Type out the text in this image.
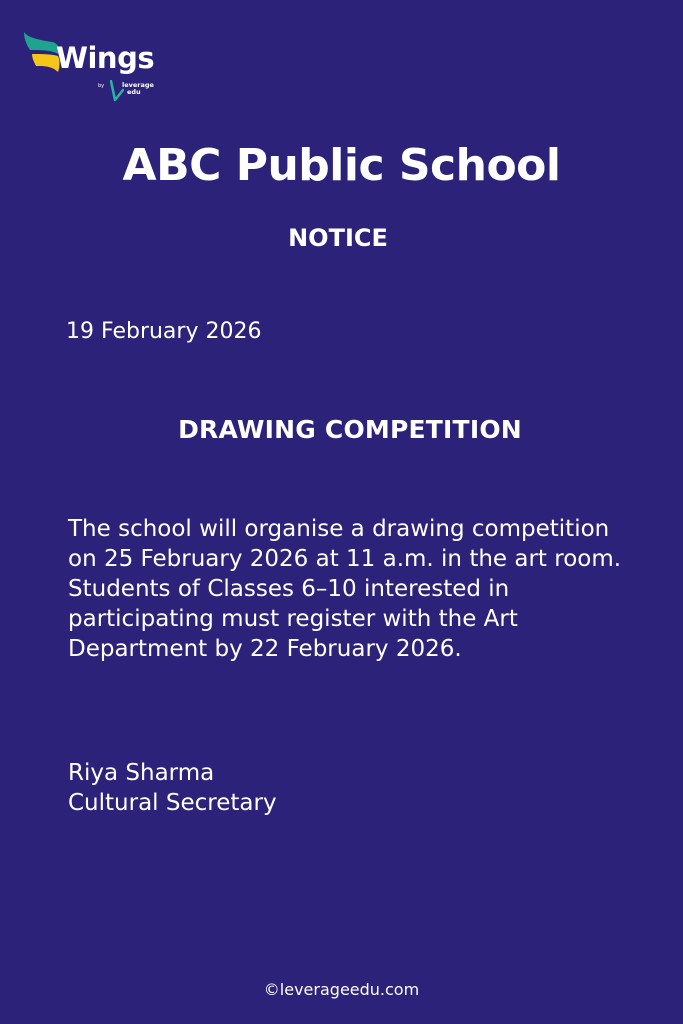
Wings
by	leverage
edu
ABC Public School
NOTICE
19 February 2026
DRAWING COMPETITION

The school will organise a drawing competition on 25 February 2026 at 11 a.m. in the art room.

Students of Classes 6–10 interested in participating must register with the Art Department by 22 February 2026.

Riya Sharma
Cultural Secretary
©leverageedu.com
